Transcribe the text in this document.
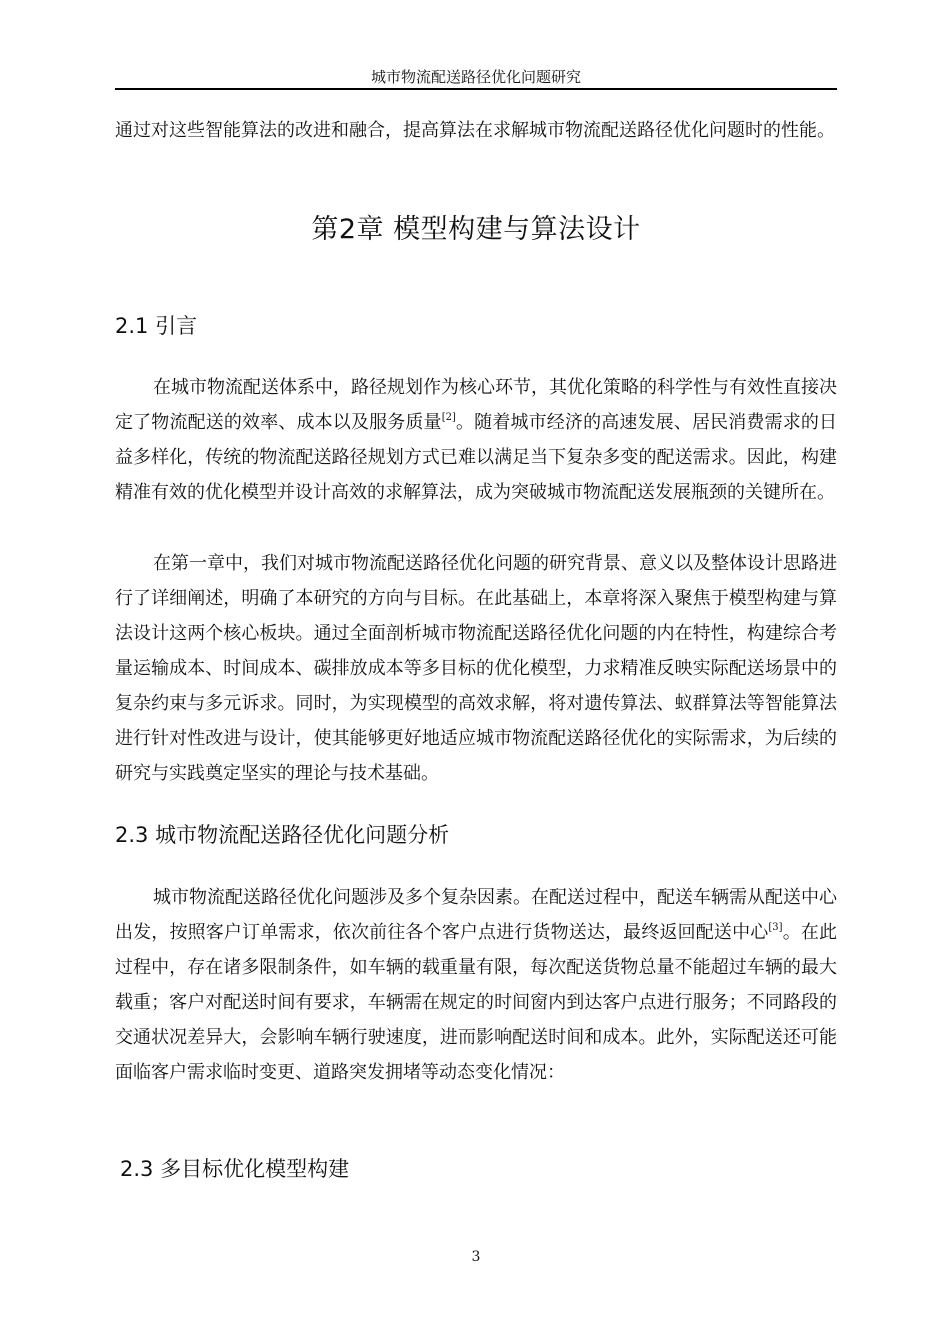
城市物流配送路径优化问题研究

通过对这些智能算法的改进和融合，提高算法在求解城市物流配送路径优化问题时的性能。

第2章 模型构建与算法设计
2.1 引言

在城市物流配送体系中，路径规划作为核心环节，其优化策略的科学性与有效性直接决定了物流配送的效率、成本以及服务质量[2]。随着城市经济的高速发展、居民消费需求的日益多样化，传统的物流配送路径规划方式已难以满足当下复杂多变的配送需求。因此，构建精准有效的优化模型并设计高效的求解算法，成为突破城市物流配送发展瓶颈的关键所在。

在第一章中，我们对城市物流配送路径优化问题的研究背景、意义以及整体设计思路进行了详细阐述，明确了本研究的方向与目标。在此基础上，本章将深入聚焦于模型构建与算法设计这两个核心板块。通过全面剖析城市物流配送路径优化问题的内在特性，构建综合考量运输成本、时间成本、碳排放成本等多目标的优化模型，力求精准反映实际配送场景中的复杂约束与多元诉求。同时，为实现模型的高效求解，将对遗传算法、蚁群算法等智能算法进行针对性改进与设计，使其能够更好地适应城市物流配送路径优化的实际需求，为后续的研究与实践奠定坚实的理论与技术基础。

2.3 城市物流配送路径优化问题分析

城市物流配送路径优化问题涉及多个复杂因素。在配送过程中，配送车辆需从配送中心出发，按照客户订单需求，依次前往各个客户点进行货物送达，最终返回配送中心[3]。在此过程中，存在诸多限制条件，如车辆的载重量有限，每次配送货物总量不能超过车辆的最大载重；客户对配送时间有要求，车辆需在规定的时间窗内到达客户点进行服务；不同路段的交通状况差异大，会影响车辆行驶速度，进而影响配送时间和成本。此外，实际配送还可能面临客户需求临时变更、道路突发拥堵等动态变化情况：

2.3 多目标优化模型构建
3
